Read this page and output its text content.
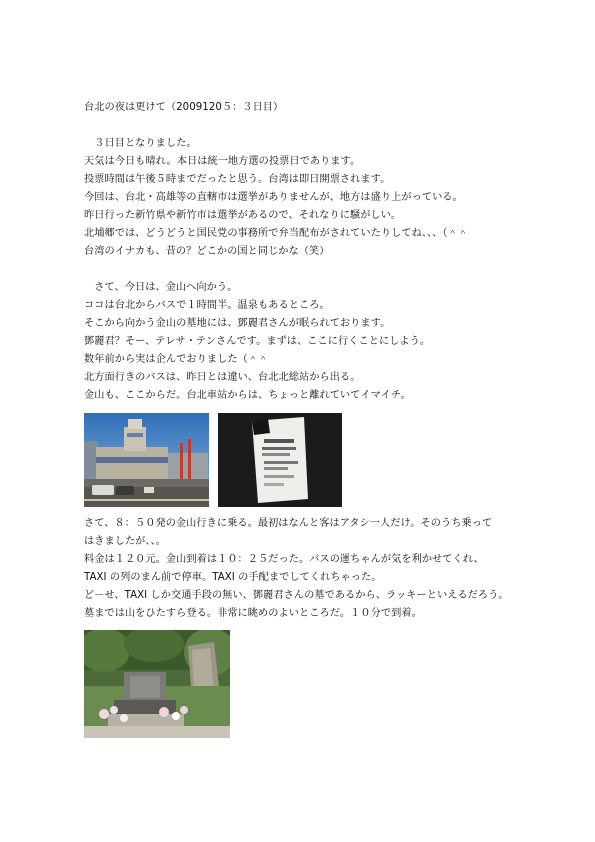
台北の夜は更けて（2009120５：３日目）
　３日目となりました。
天気は今日も晴れ。本日は統一地方選の投票日であります。
投票時間は午後５時までだったと思う。台湾は即日開票されます。
今回は、台北・高雄等の直轄市は選挙がありませんが、地方は盛り上がっている。
昨日行った新竹県や新竹市は選挙があるので、それなりに騒がしい。
北埔郷では、どうどうと国民党の事務所で弁当配布がされていたりしてね、、、（＾＾
台湾のイナカも、昔の？どこかの国と同じかな（笑）
　さて、今日は、金山へ向かう。
ココは台北からバスで１時間半。温泉もあるところ。
そこから向かう金山の墓地には、鄧麗君さんが眠られております。
鄧麗君？そー、テレサ・テンさんです。まずは、ここに行くことにしよう。
数年前から実は企んでおりました（＾＾
北方面行きのバスは、昨日とは違い、台北北総站から出る。
金山も、ここからだ。台北車站からは、ちょっと離れていてイマイチ。
さて、８：５０発の金山行きに乗る。最初はなんと客はアタシ一人だけ。そのうち乗って
はきましたが、、。
料金は１２０元。金山到着は１０：２５だった。バスの運ちゃんが気を利かせてくれ、
TAXI の列のまん前で停車。TAXI の手配までしてくれちゃった。
ど－せ、TAXI しか交通手段の無い、鄧麗君さんの墓であるから、ラッキーといえるだろう。
墓までは山をひたすら登る。非常に眺めのよいところだ。１０分で到着。
